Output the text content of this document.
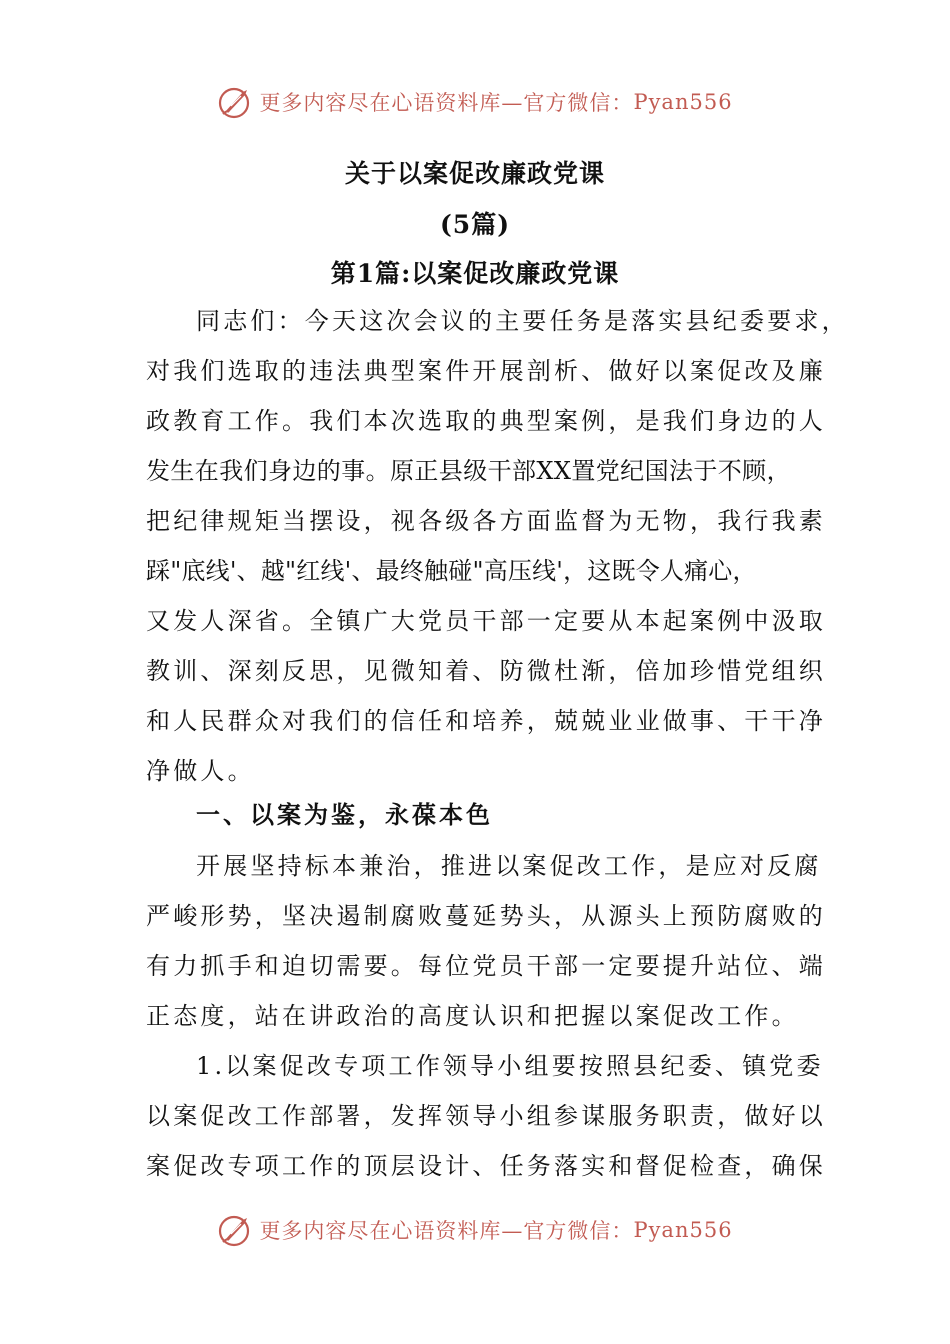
更多内容尽在心语资料库—官方微信： Pyan556
关于以案促改廉政党课
(5篇)
第1篇:以案促改廉政党课
同志们：今天这次会议的主要任务是落实县纪委要求，
对我们选取的违法典型案件开展剖析、做好以案促改及廉
政教育工作。我们本次选取的典型案例，是我们身边的人
发生在我们身边的事。原正县级干部XX置党纪国法于不顾，
把纪律规矩当摆设，视各级各方面监督为无物，我行我素
踩"底线'、越"红线'、最终触碰"高压线'，这既令人痛心，
又发人深省。全镇广大党员干部一定要从本起案例中汲取
教训、深刻反思，见微知着、防微杜渐，倍加珍惜党组织
和人民群众对我们的信任和培养，兢兢业业做事、干干净
净做人。
一、以案为鉴，永葆本色
开展坚持标本兼治，推进以案促改工作，是应对反腐
严峻形势，坚决遏制腐败蔓延势头，从源头上预防腐败的
有力抓手和迫切需要。每位党员干部一定要提升站位、端
正态度，站在讲政治的高度认识和把握以案促改工作。
1.以案促改专项工作领导小组要按照县纪委、镇党委
以案促改工作部署，发挥领导小组参谋服务职责，做好以
案促改专项工作的顶层设计、任务落实和督促检查，确保
更多内容尽在心语资料库—官方微信： Pyan556
